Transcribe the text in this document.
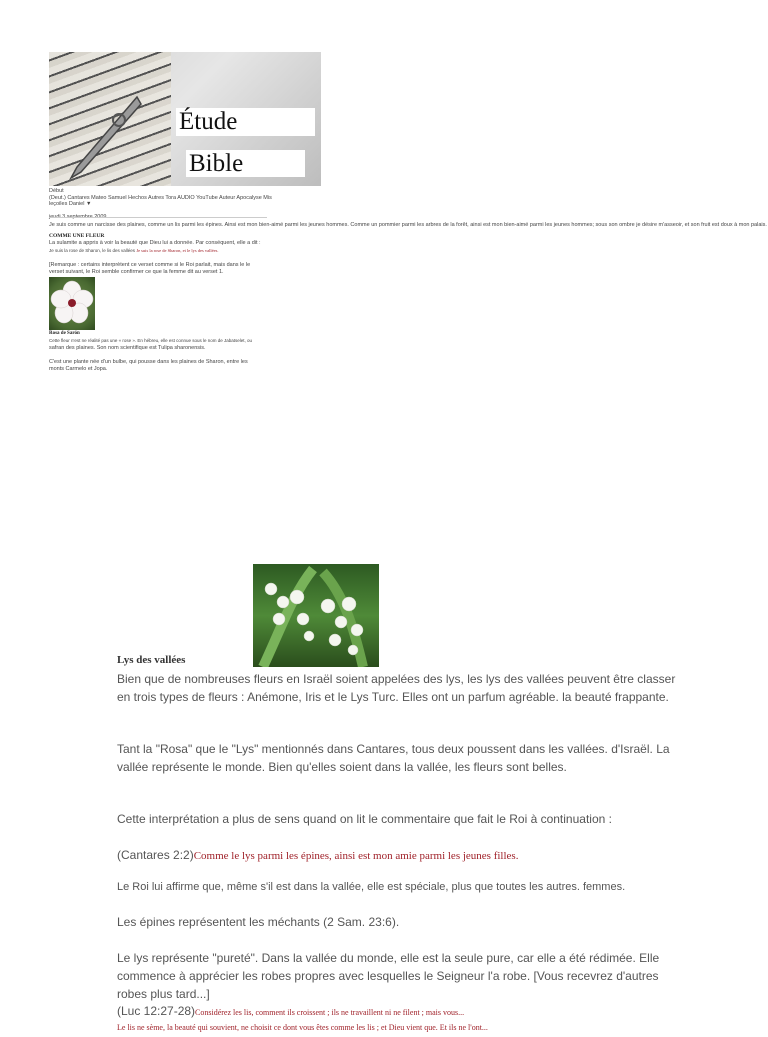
Étude
Bible
Début
(Deut.) Cantares Mateo Samuel Hechos Autres Tora AUDIO YouTube Auteur Apocalyse Mis
leçoiles Daniel ▼
Je suis comme un narcisse des plaines, comme un lis parmi les épines. Ainsi est mon bien-aimé parmi les jeunes hommes. Comme un pommier parmi les arbres de la forêt, ainsi est mon bien-aimé parmi les jeunes hommes; sous son ombre je désire m'asseoir, et son fruit est doux à mon palais.
COMME UNE FLEUR
La sulamite a appris à voir la beauté que Dieu lui a donnée. Par conséquent, elle a dit :
Je suis la rose de Sharon, le lis des vallées Je suis la rose de Sharon, et le lys des vallées.
[Remarque : certains interprètent ce verset comme si le Roi parlait, mais dans le le verset suivant, le Roi semble confirmer ce que la femme dit au verset 1.
Rosa de Sarón
Cette fleur n'est ne réalité pas une « rose ». En hébreu, elle est connue sous le nom de Jabatselet, ou
safran des plaines. Son nom scientifique est Tulipa sharonensis.
C'est une plante née d'un bulbe, qui pousse dans les plaines de Sharon, entre les monts Carmelo et Jopa.
Lys des vallées
Bien que de nombreuses fleurs en Israël soient appelées des lys, les lys des vallées peuvent être classer en trois types de fleurs : Anémone, Iris et le Lys Turc. Elles ont un parfum agréable. la beauté frappante.
Tant la "Rosa" que le "Lys" mentionnés dans Cantares, tous deux poussent dans les vallées. d'Israël. La vallée représente le monde. Bien qu'elles soient dans la vallée, les fleurs sont belles.
Cette interprétation a plus de sens quand on lit le commentaire que fait le Roi à continuation :
(Cantares 2:2)Comme le lys parmi les épines, ainsi est mon amie parmi les jeunes filles.
Le Roi lui affirme que, même s'il est dans la vallée, elle est spéciale, plus que toutes les autres. femmes.
Les épines représentent les méchants (2 Sam. 23:6).
Le lys représente "pureté". Dans la vallée du monde, elle est la seule pure, car elle a été rédimée. Elle commence à apprécier les robes propres avec lesquelles le Seigneur l'a robe. [Vous recevrez d'autres robes plus tard...]
(Luc 12:27-28)Considérez les lis, comment ils croissent ; ils ne travaillent ni ne filent ; mais vous...
Le lis ne sème, la beauté qui souvient, ne choisit ce dont vous êtes comme les lis ; et Dieu vient que. Et ils ne l'ont...
